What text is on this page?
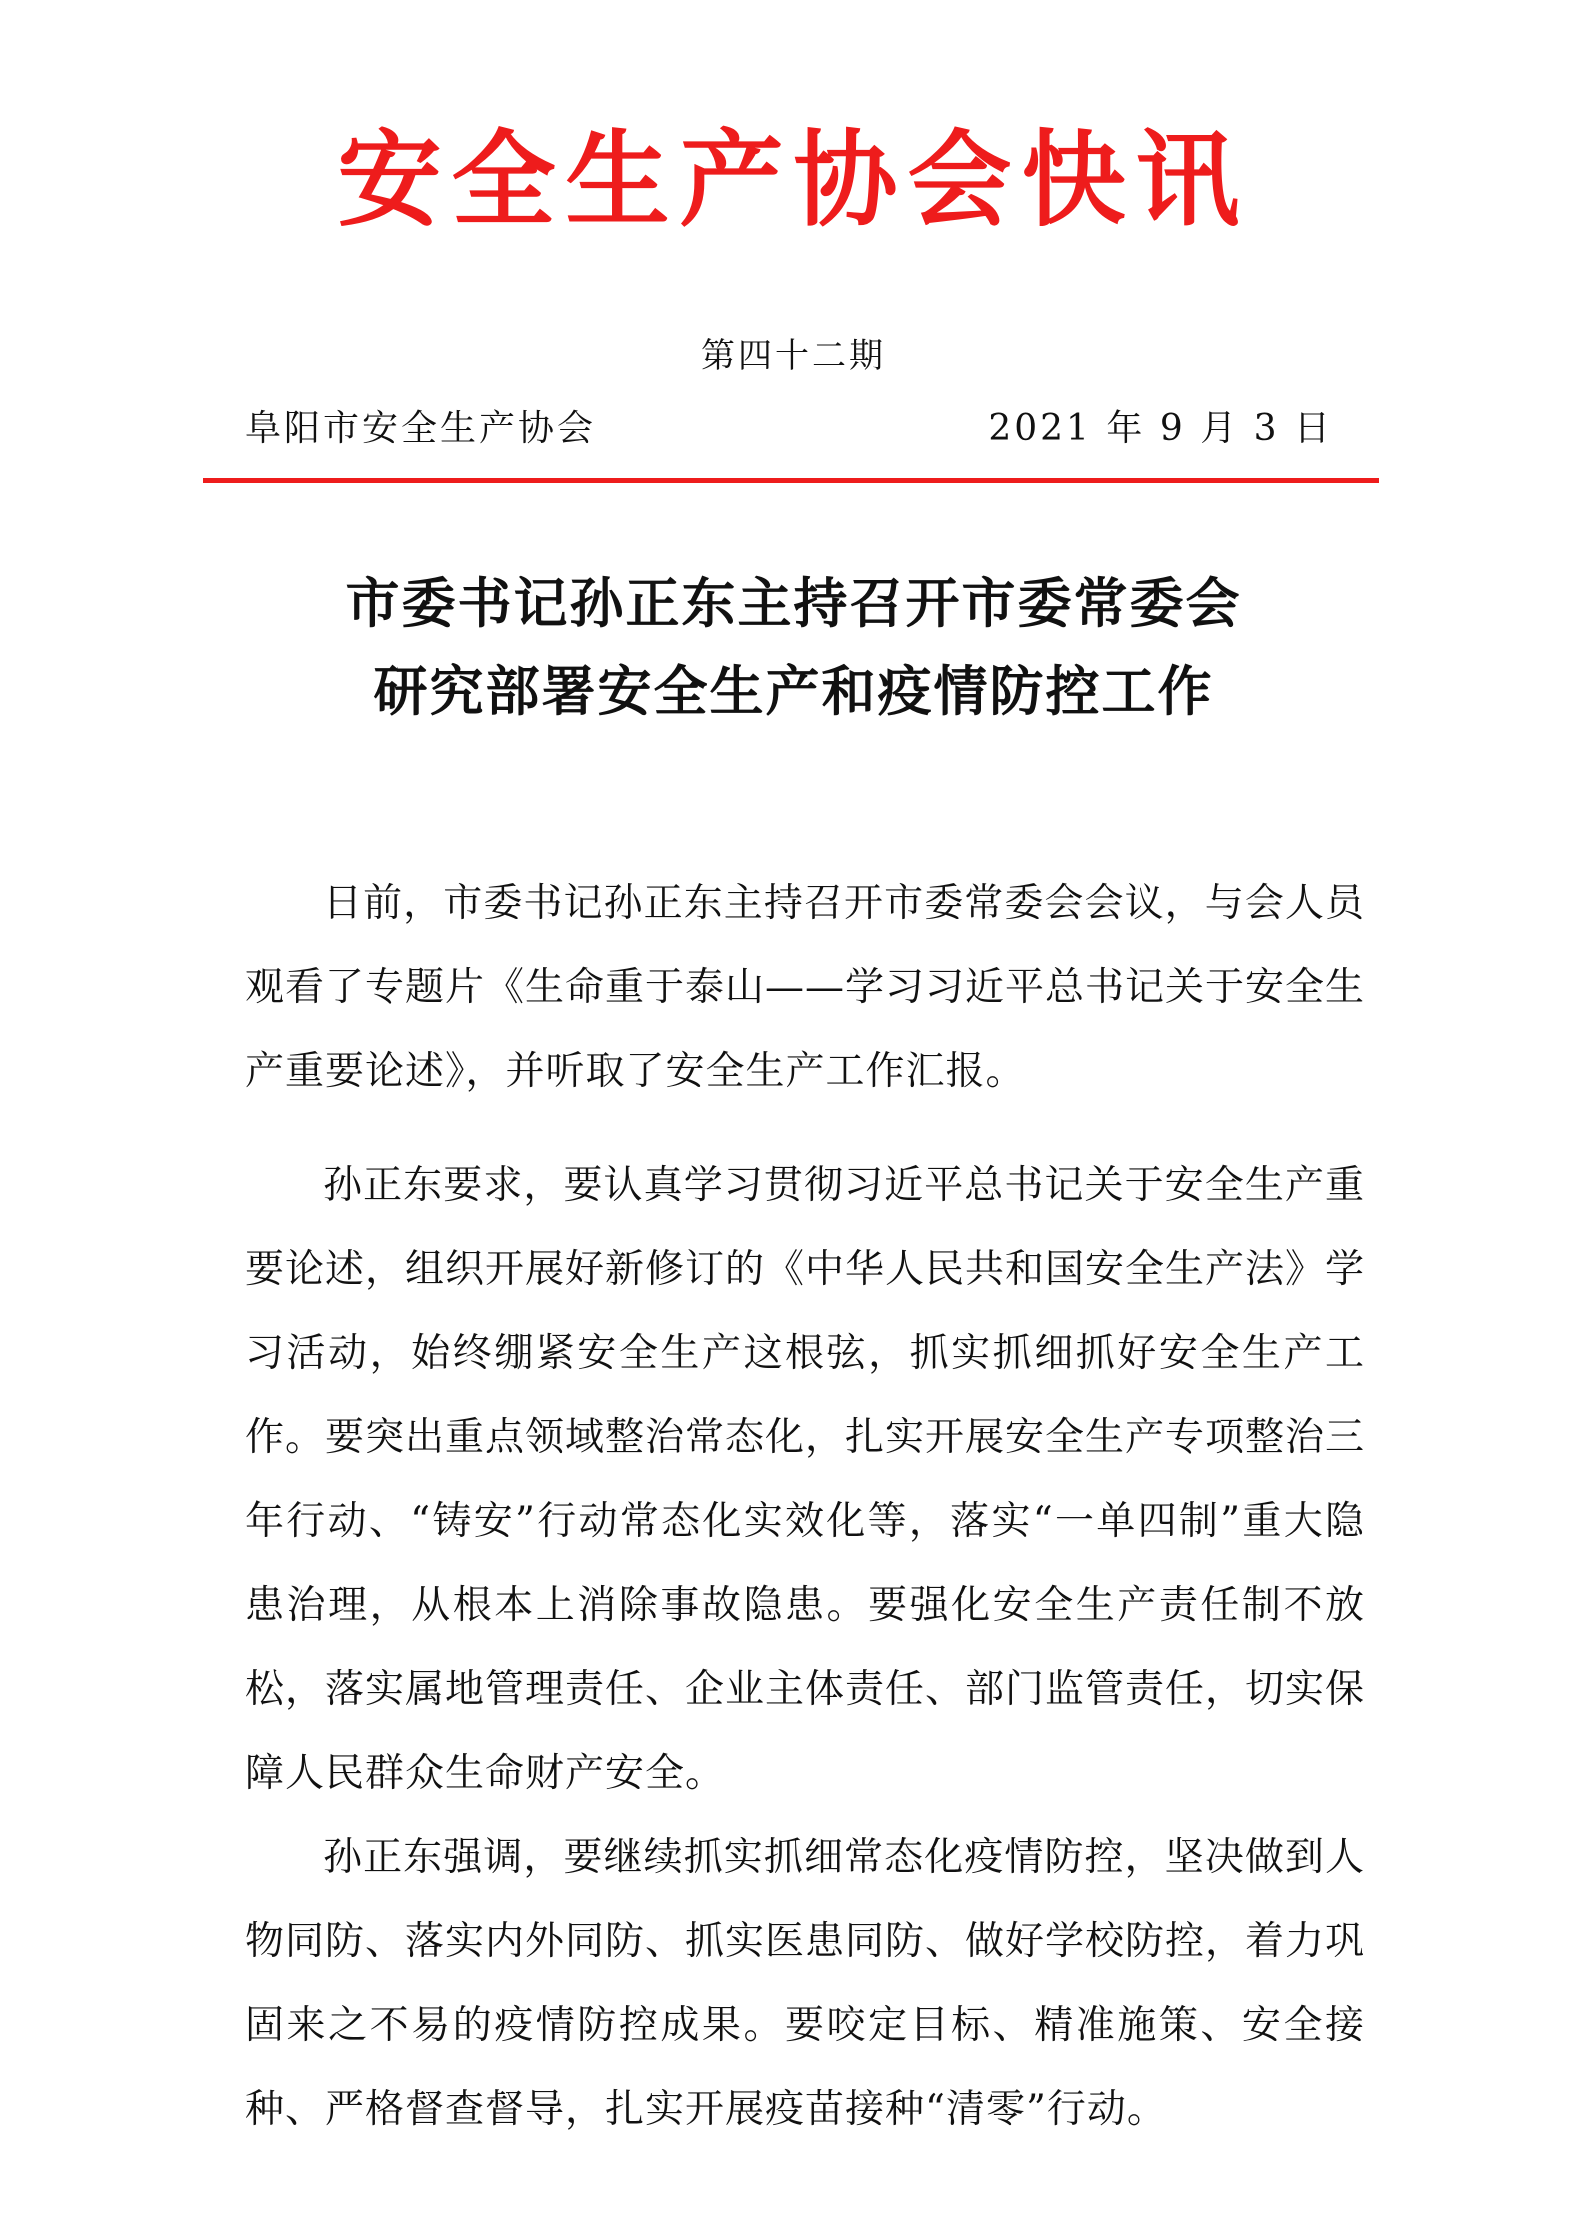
安全生产协会快讯
第四十二期
阜阳市安全生产协会	2021 年 9 月 3 日
市委书记孙正东主持召开市委常委会
研究部署安全生产和疫情防控工作

日前，市委书记孙正东主持召开市委常委会会议，与会人员观看了专题片《生命重于泰山——学习习近平总书记关于安全生产重要论述》，并听取了安全生产工作汇报。

孙正东要求，要认真学习贯彻习近平总书记关于安全生产重要论述，组织开展好新修订的《中华人民共和国安全生产法》学习活动，始终绷紧安全生产这根弦，抓实抓细抓好安全生产工作。要突出重点领域整治常态化，扎实开展安全生产专项整治三年行动、“铸安”行动常态化实效化等，落实“一单四制”重大隐患治理，从根本上消除事故隐患。要强化安全生产责任制不放松，落实属地管理责任、企业主体责任、部门监管责任，切实保障人民群众生命财产安全。

孙正东强调，要继续抓实抓细常态化疫情防控，坚决做到人物同防、落实内外同防、抓实医患同防、做好学校防控，着力巩固来之不易的疫情防控成果。要咬定目标、精准施策、安全接种、严格督查督导，扎实开展疫苗接种“清零”行动。
